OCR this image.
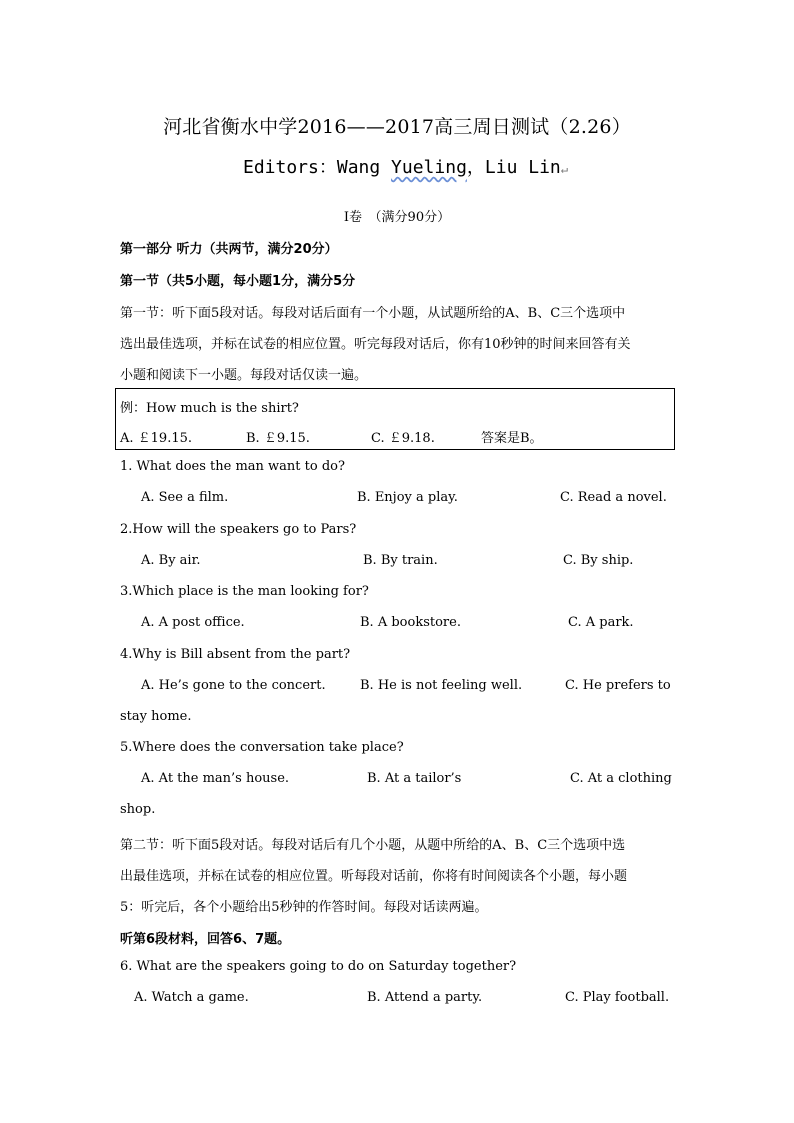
河北省衡水中学2016——2017高三周日测试（2.26）
Editors：Wang Yueling，Liu Lin↵
I卷　（满分90分）
第一部分 听力（共两节，满分20分）
第一节（共5小题，每小题1分，满分5分
第一节：听下面5段对话。每段对话后面有一个小题，从试题所给的A、B、C三个选项中
选出最佳选项，并标在试卷的相应位置。听完每段对话后，你有10秒钟的时间来回答有关
小题和阅读下一小题。每段对话仅读一遍。
例：How much is the shirt?
A. ￡19.15.	B. ￡9.15.	C. ￡9.18.	答案是B。
1. What does the man want to do?
A. See a film.	B. Enjoy a play.	C. Read a novel.
2.How will the speakers go to Pars?
A. By air.	B. By train.	C. By ship.
3.Which place is the man looking for?
A. A post office.	B. A bookstore.	C. A park.
4.Why is Bill absent from the part?
A. He’s gone to the concert.	B. He is not feeling well.	C. He prefers to
stay home.
5.Where does the conversation take place?
A. At the man’s house.	B. At a tailor’s	C. At a clothing
shop.
第二节：听下面5段对话。每段对话后有几个小题，从题中所给的A、B、C三个选项中选
出最佳选项，并标在试卷的相应位置。听每段对话前，你将有时间阅读各个小题，每小题
5：听完后，各个小题给出5秒钟的作答时间。每段对话读两遍。
听第6段材料，回答6、7题。
6. What are the speakers going to do on Saturday together?
A. Watch a game.	B. Attend a party.	C. Play football.
